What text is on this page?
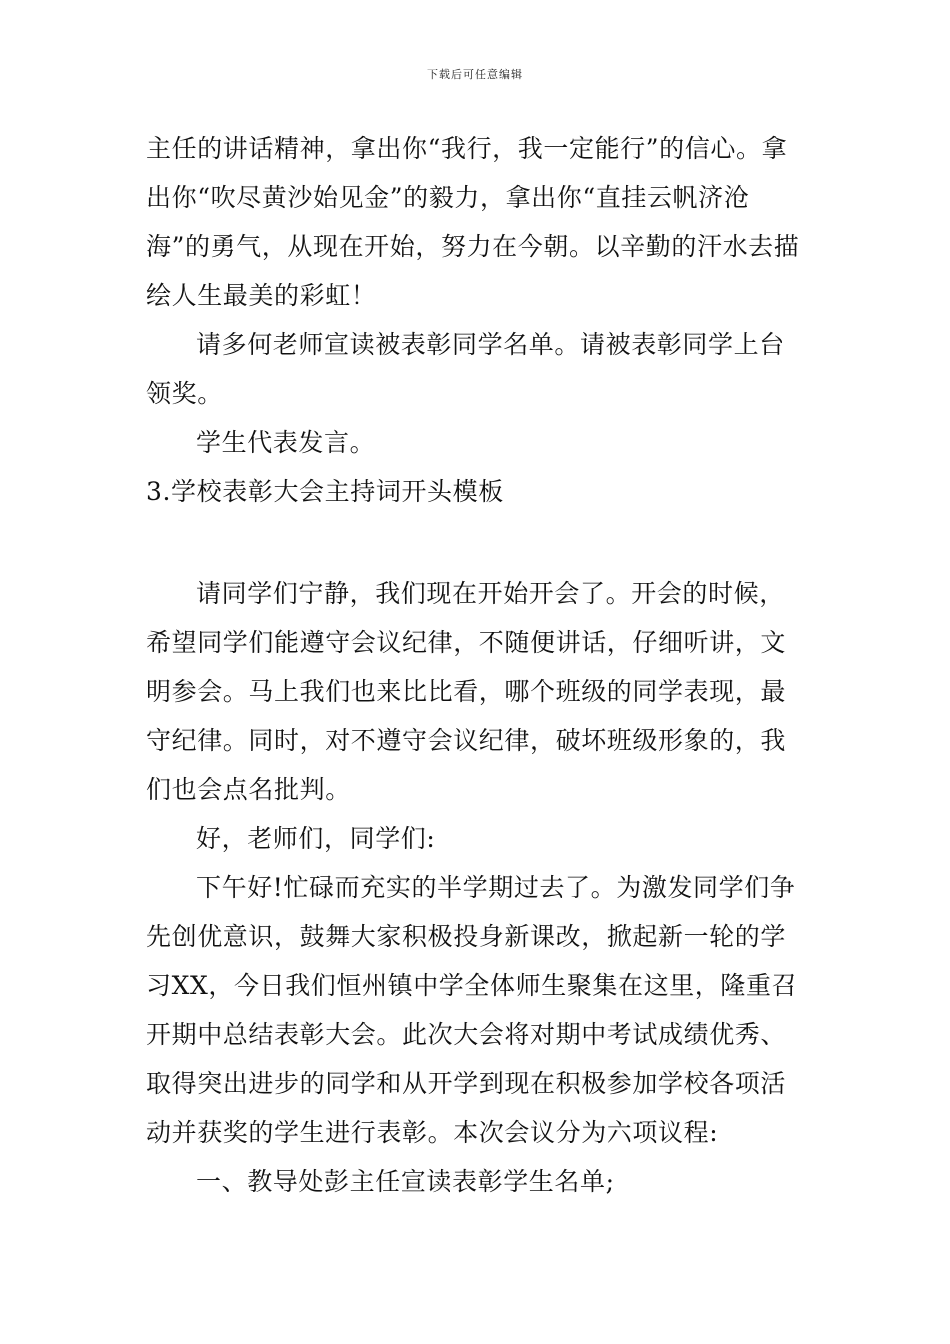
下载后可任意编辑

主任的讲话精神，拿出你“我行，我一定能行”的信心。拿出你“吹尽黄沙始见金”的毅力，拿出你“直挂云帆济沧海”的勇气，从现在开始，努力在今朝。以辛勤的汗水去描绘人生最美的彩虹！

请多何老师宣读被表彰同学名单。请被表彰同学上台领奖。

学生代表发言。

3.学校表彰大会主持词开头模板

请同学们宁静，我们现在开始开会了。开会的时候，希望同学们能遵守会议纪律，不随便讲话，仔细听讲，文明参会。马上我们也来比比看，哪个班级的同学表现，最守纪律。同时，对不遵守会议纪律，破坏班级形象的，我们也会点名批判。

好，老师们，同学们:

下午好!忙碌而充实的半学期过去了。为激发同学们争先创优意识，鼓舞大家积极投身新课改，掀起新一轮的学习XX，今日我们恒州镇中学全体师生聚集在这里，隆重召开期中总结表彰大会。此次大会将对期中考试成绩优秀、取得突出进步的同学和从开学到现在积极参加学校各项活动并获奖的学生进行表彰。本次会议分为六项议程:

一、教导处彭主任宣读表彰学生名单;
